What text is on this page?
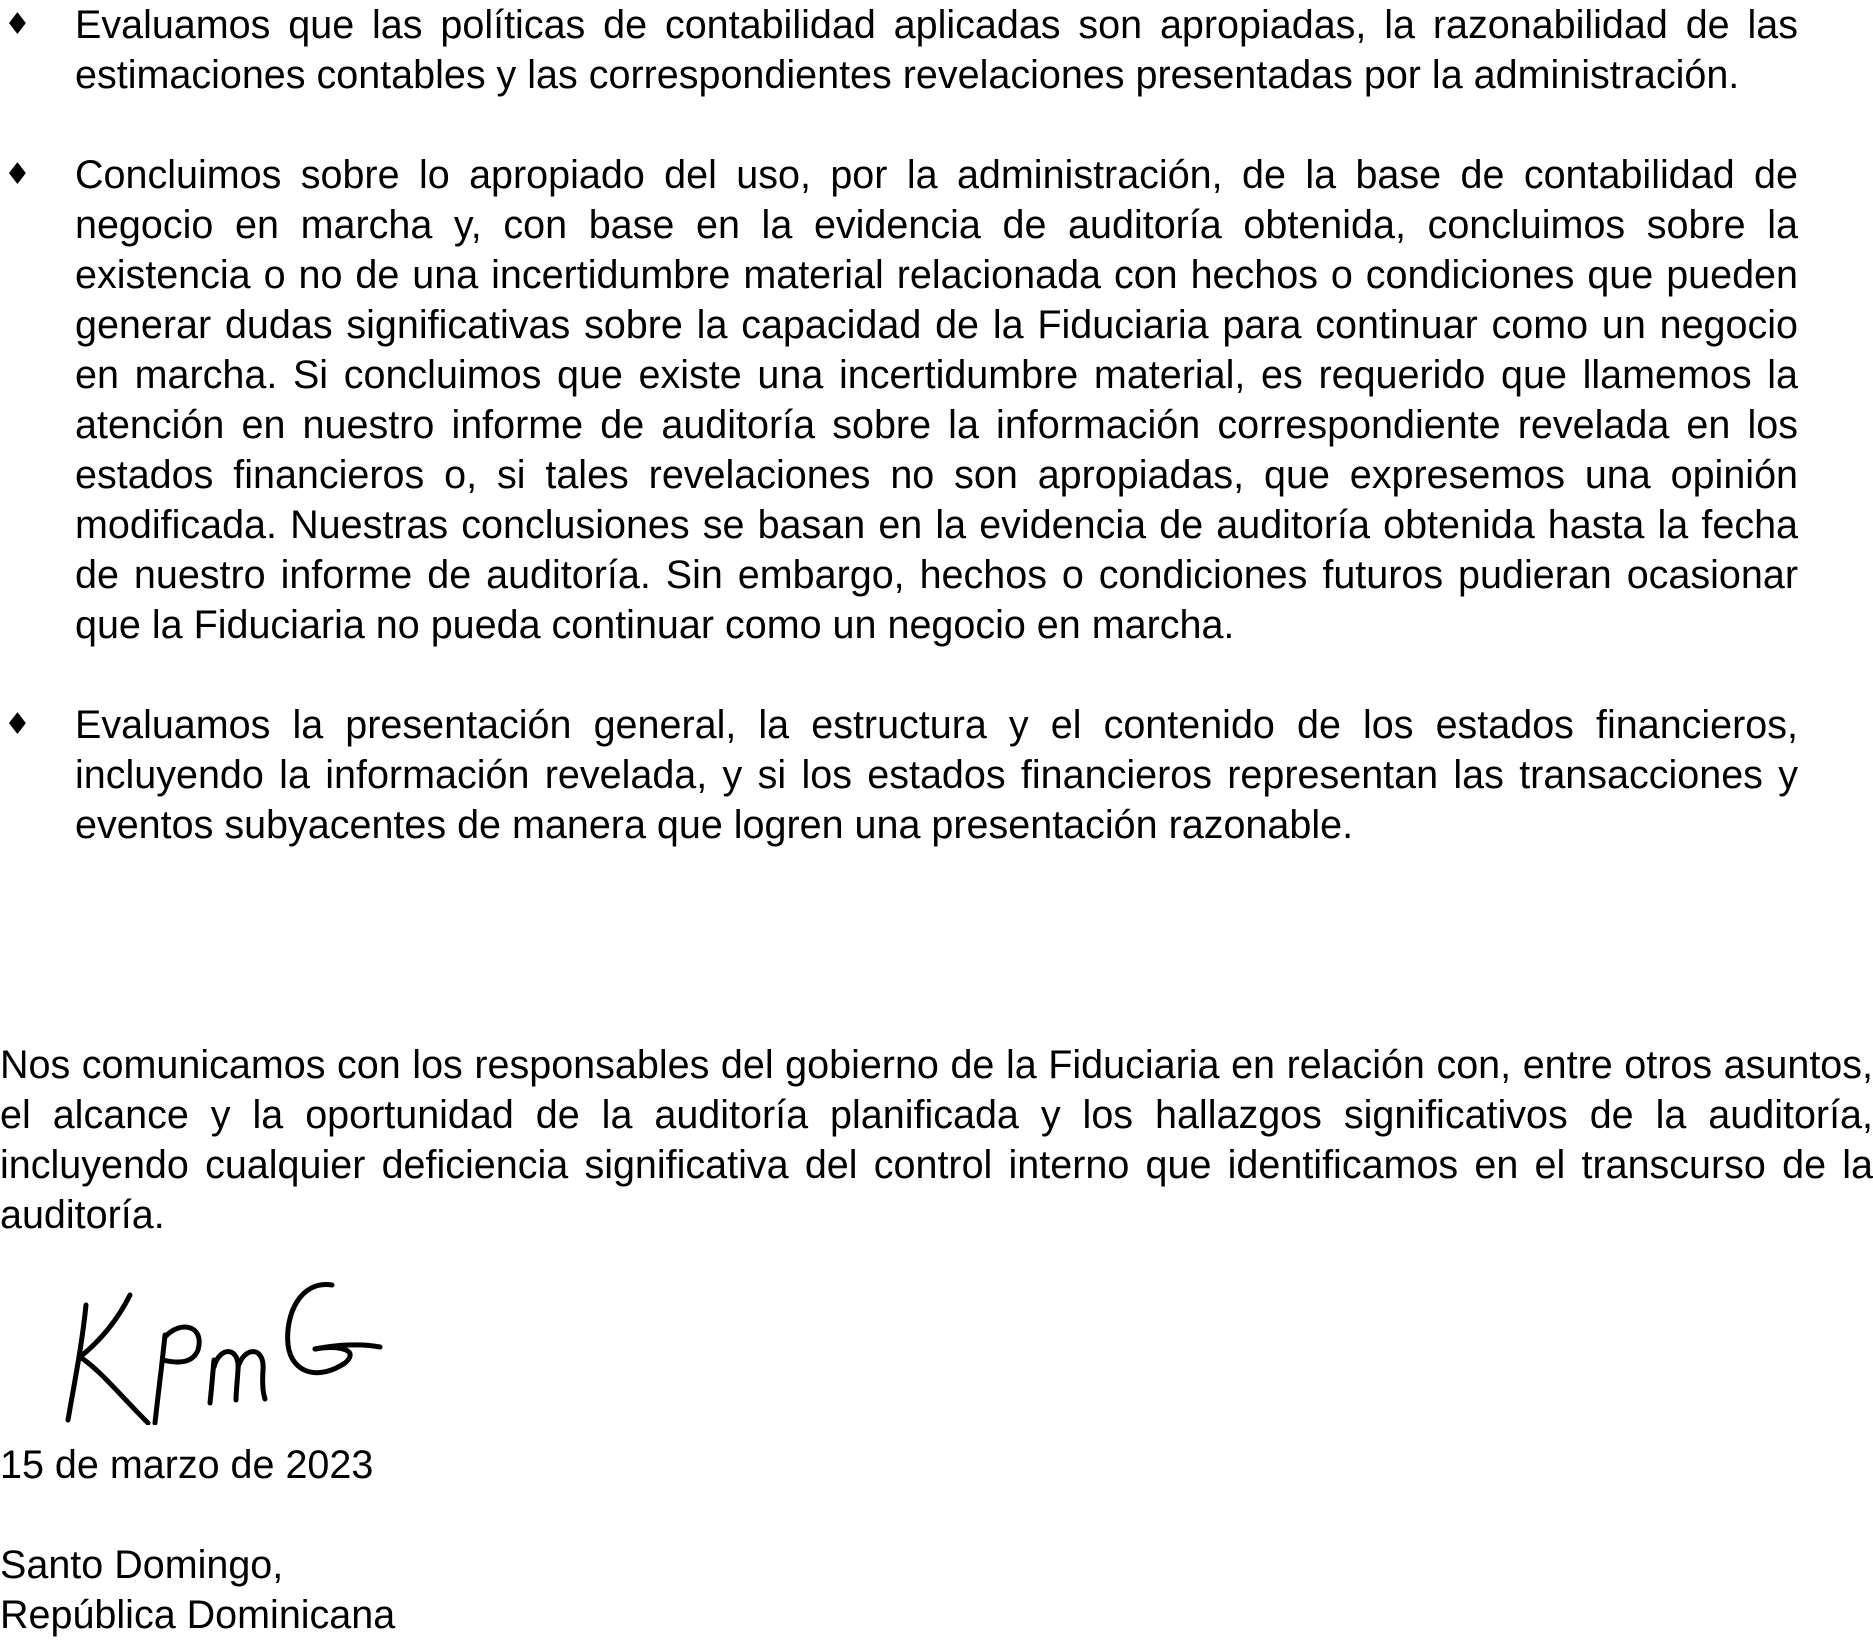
♦ Evaluamos que las políticas de contabilidad aplicadas son apropiadas, la razonabilidad de las estimaciones contables y las correspondientes revelaciones presentadas por la administración.

♦ Concluimos sobre lo apropiado del uso, por la administración, de la base de contabilidad de negocio en marcha y, con base en la evidencia de auditoría obtenida, concluimos sobre la existencia o no de una incertidumbre material relacionada con hechos o condiciones que pueden generar dudas significativas sobre la capacidad de la Fiduciaria para continuar como un negocio en marcha. Si concluimos que existe una incertidumbre material, es requerido que llamemos la atención en nuestro informe de auditoría sobre la información correspondiente revelada en los estados financieros o, si tales revelaciones no son apropiadas, que expresemos una opinión modificada. Nuestras conclusiones se basan en la evidencia de auditoría obtenida hasta la fecha de nuestro informe de auditoría. Sin embargo, hechos o condiciones futuros pudieran ocasionar que la Fiduciaria no pueda continuar como un negocio en marcha.

♦ Evaluamos la presentación general, la estructura y el contenido de los estados financieros, incluyendo la información revelada, y si los estados financieros representan las transacciones y eventos subyacentes de manera que logren una presentación razonable.

Nos comunicamos con los responsables del gobierno de la Fiduciaria en relación con, entre otros asuntos, el alcance y la oportunidad de la auditoría planificada y los hallazgos significativos de la auditoría, incluyendo cualquier deficiencia significativa del control interno que identificamos en el transcurso de la auditoría.

15 de marzo de 2023

Santo Domingo,
República Dominicana
